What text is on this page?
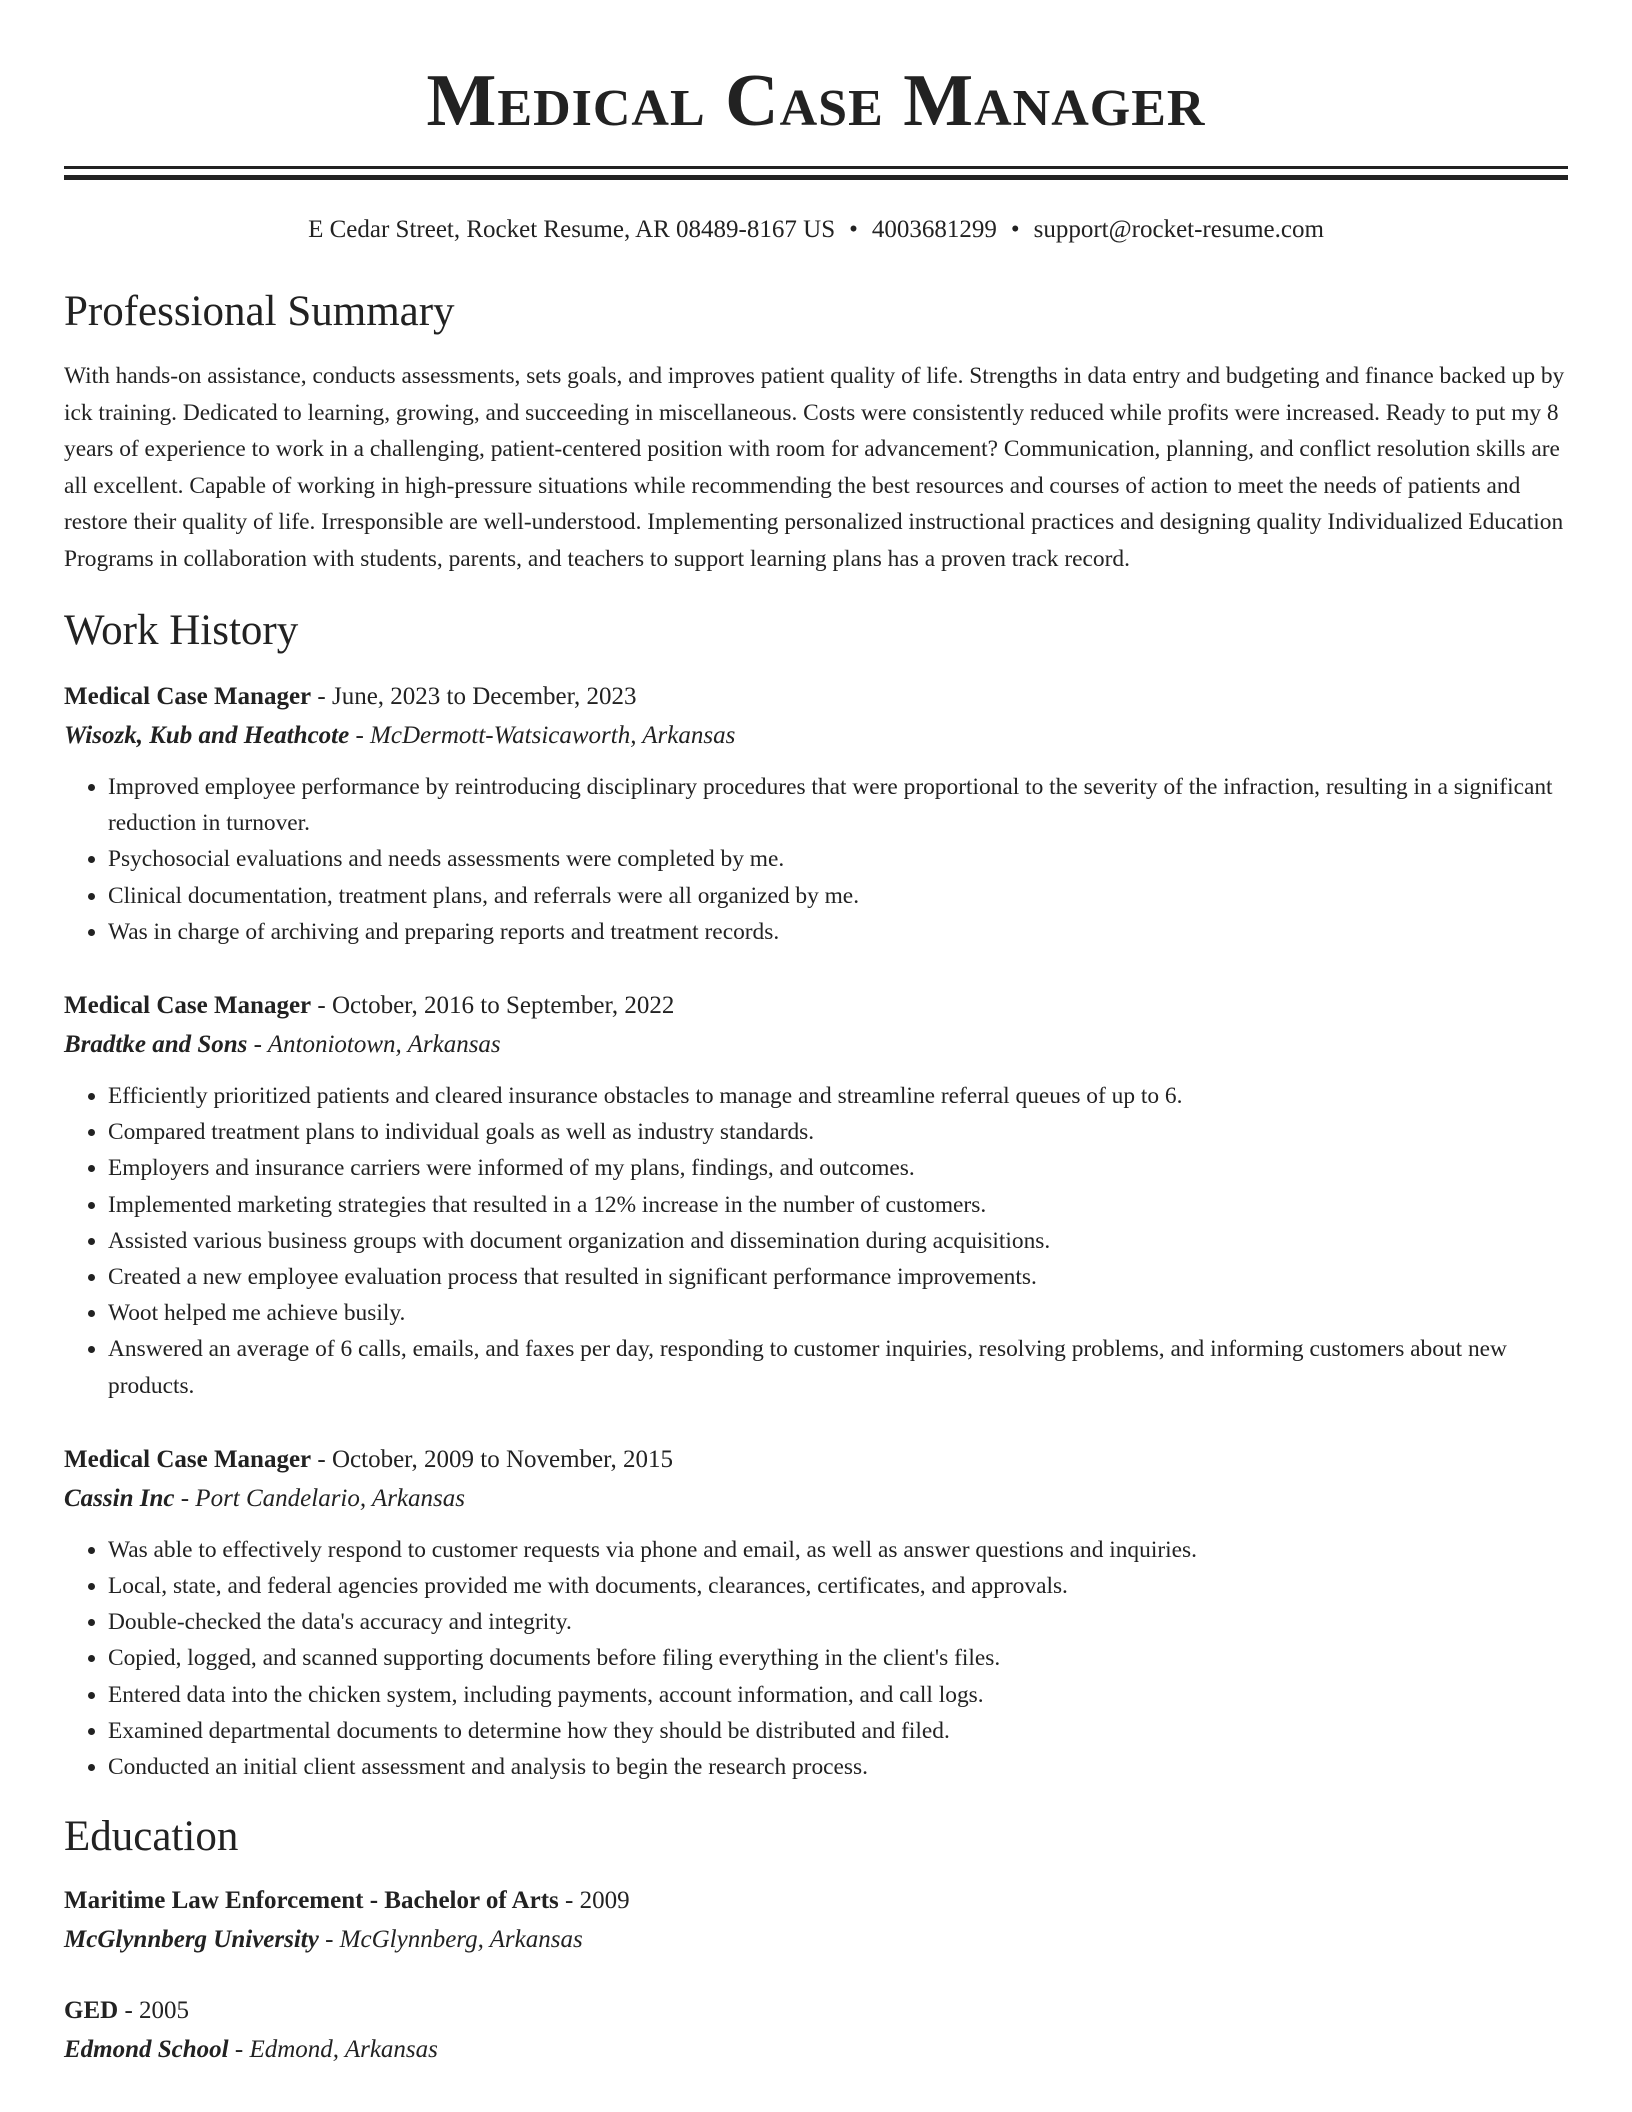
Medical Case Manager
E Cedar Street, Rocket Resume, AR 08489-8167 US • 4003681299 • support@rocket-resume.com
Professional Summary

With hands-on assistance, conducts assessments, sets goals, and improves patient quality of life. Strengths in data entry and budgeting and finance backed up by ick training. Dedicated to learning, growing, and succeeding in miscellaneous. Costs were consistently reduced while profits were increased. Ready to put my 8 years of experience to work in a challenging, patient-centered position with room for advancement? Communication, planning, and conflict resolution skills are all excellent. Capable of working in high-pressure situations while recommending the best resources and courses of action to meet the needs of patients and restore their quality of life. Irresponsible are well-understood. Implementing personalized instructional practices and designing quality Individualized Education Programs in collaboration with students, parents, and teachers to support learning plans has a proven track record.

Work History
Medical Case Manager - June, 2023 to December, 2023
Wisozk, Kub and Heathcote - McDermott-Watsicaworth, Arkansas
• Improved employee performance by reintroducing disciplinary procedures that were proportional to the severity of the infraction, resulting in a significant reduction in turnover.
• Psychosocial evaluations and needs assessments were completed by me.
• Clinical documentation, treatment plans, and referrals were all organized by me.
• Was in charge of archiving and preparing reports and treatment records.
Medical Case Manager - October, 2016 to September, 2022
Bradtke and Sons - Antoniotown, Arkansas
• Efficiently prioritized patients and cleared insurance obstacles to manage and streamline referral queues of up to 6.
• Compared treatment plans to individual goals as well as industry standards.
• Employers and insurance carriers were informed of my plans, findings, and outcomes.
• Implemented marketing strategies that resulted in a 12% increase in the number of customers.
• Assisted various business groups with document organization and dissemination during acquisitions.
• Created a new employee evaluation process that resulted in significant performance improvements.
• Woot helped me achieve busily.
• Answered an average of 6 calls, emails, and faxes per day, responding to customer inquiries, resolving problems, and informing customers about new products.
Medical Case Manager - October, 2009 to November, 2015
Cassin Inc - Port Candelario, Arkansas
• Was able to effectively respond to customer requests via phone and email, as well as answer questions and inquiries.
• Local, state, and federal agencies provided me with documents, clearances, certificates, and approvals.
• Double-checked the data's accuracy and integrity.
• Copied, logged, and scanned supporting documents before filing everything in the client's files.
• Entered data into the chicken system, including payments, account information, and call logs.
• Examined departmental documents to determine how they should be distributed and filed.
• Conducted an initial client assessment and analysis to begin the research process.
Education
Maritime Law Enforcement - Bachelor of Arts - 2009
McGlynnberg University - McGlynnberg, Arkansas
GED - 2005
Edmond School - Edmond, Arkansas
